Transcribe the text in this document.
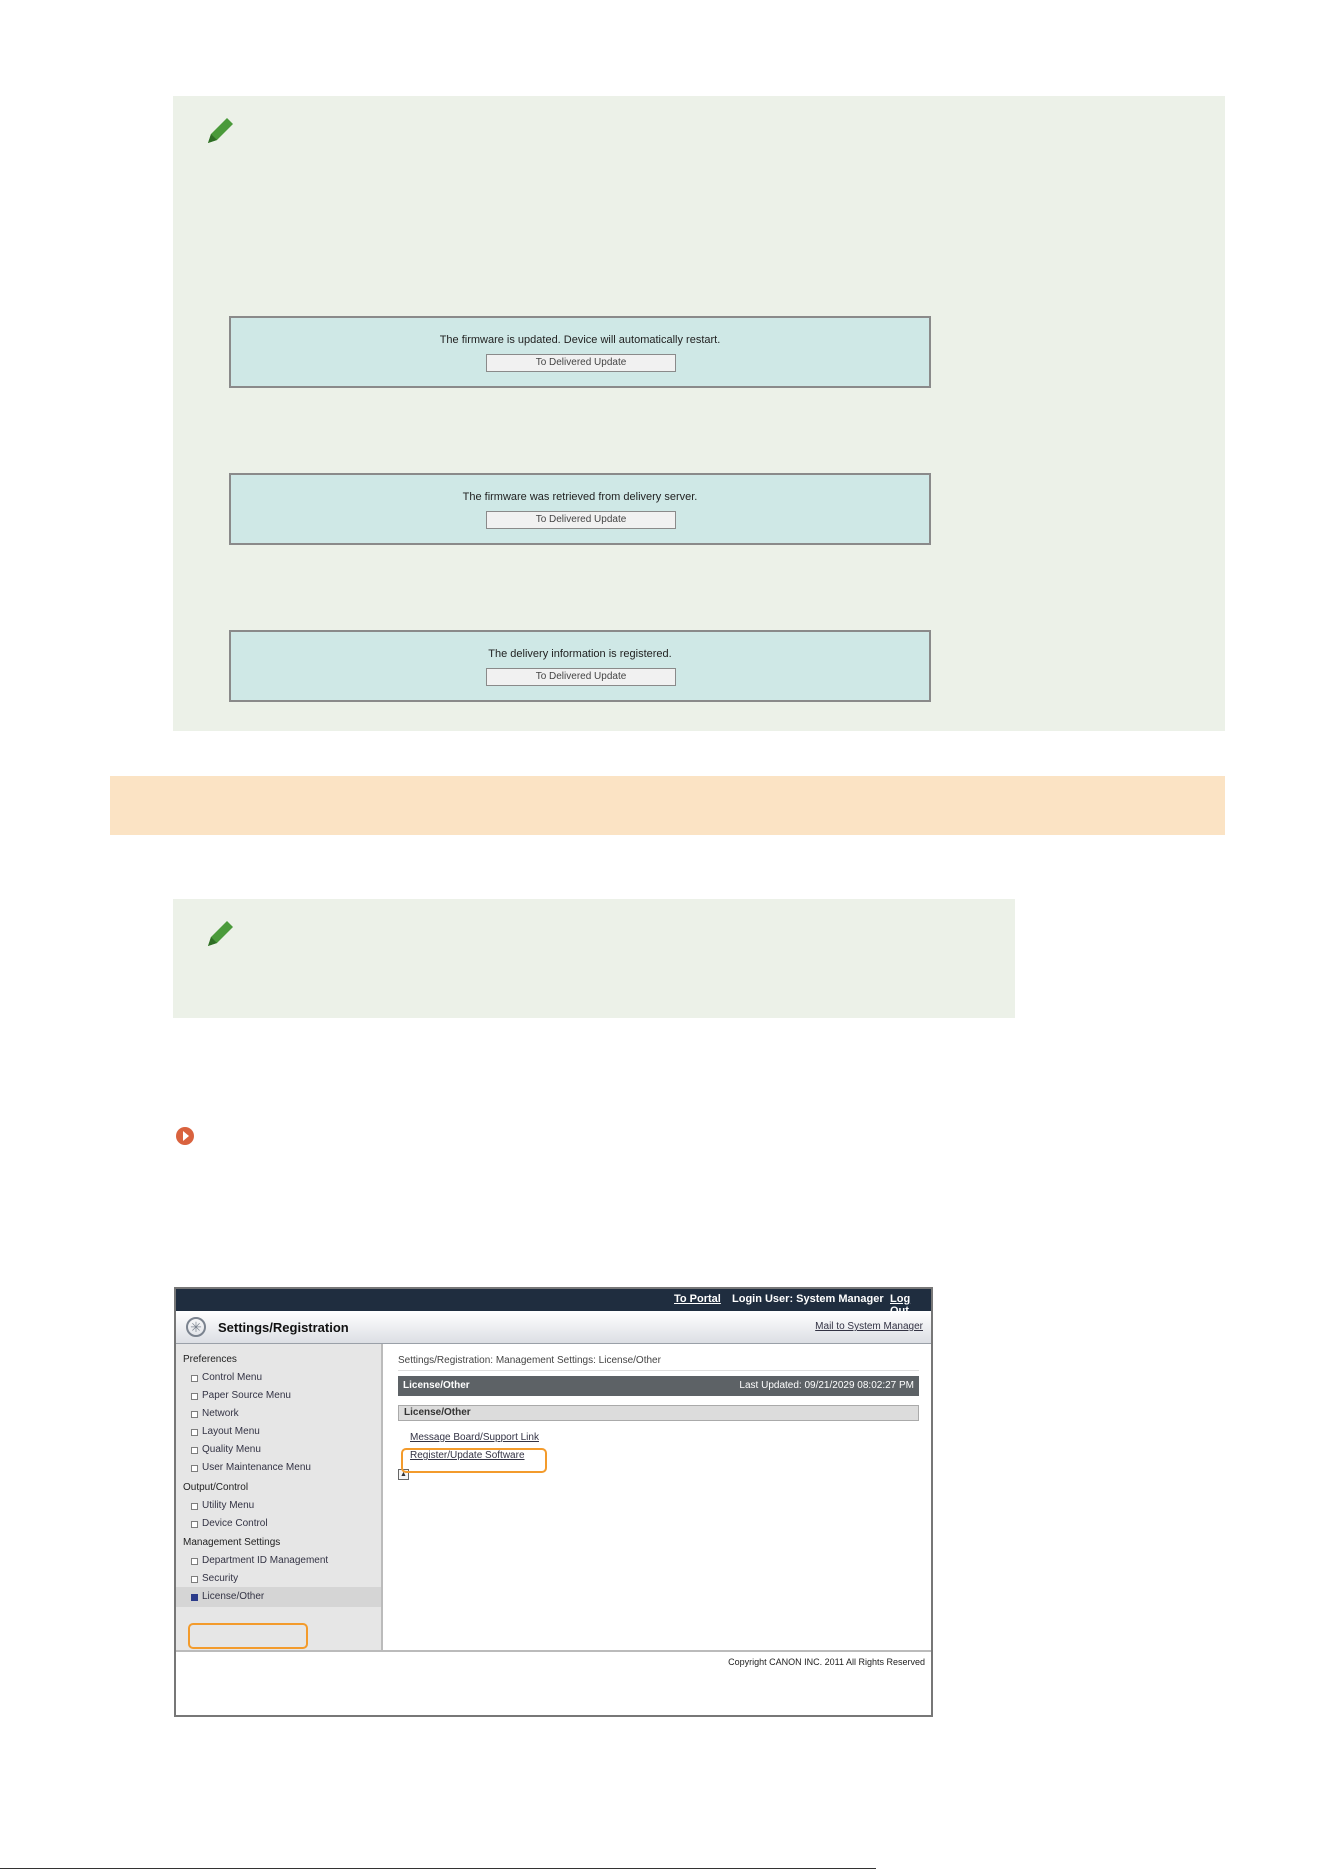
The firmware is updated. Device will automatically restart.
To Delivered Update
The firmware was retrieved from delivery server.
To Delivered Update
The delivery information is registered.
To Delivered Update
To Portal Login User: System Manager Log
✳	Settings/Registration	Mail to System Manager
Preferences
Control Menu
Paper Source Menu
Network
Layout Menu
Quality Menu
User Maintenance Menu
Output/Control
Utility Menu
Device Control
Management Settings
Department ID Management
Security
License/Other
Settings/Registration: Management Settings: License/Other
License/Other	Last Updated: 09/21/2029 08:02:27 PM
License/Other
Message Board/Support Link
Register/Update Software
▲
Copyright CANON INC. 2011 All Rights Reserved
